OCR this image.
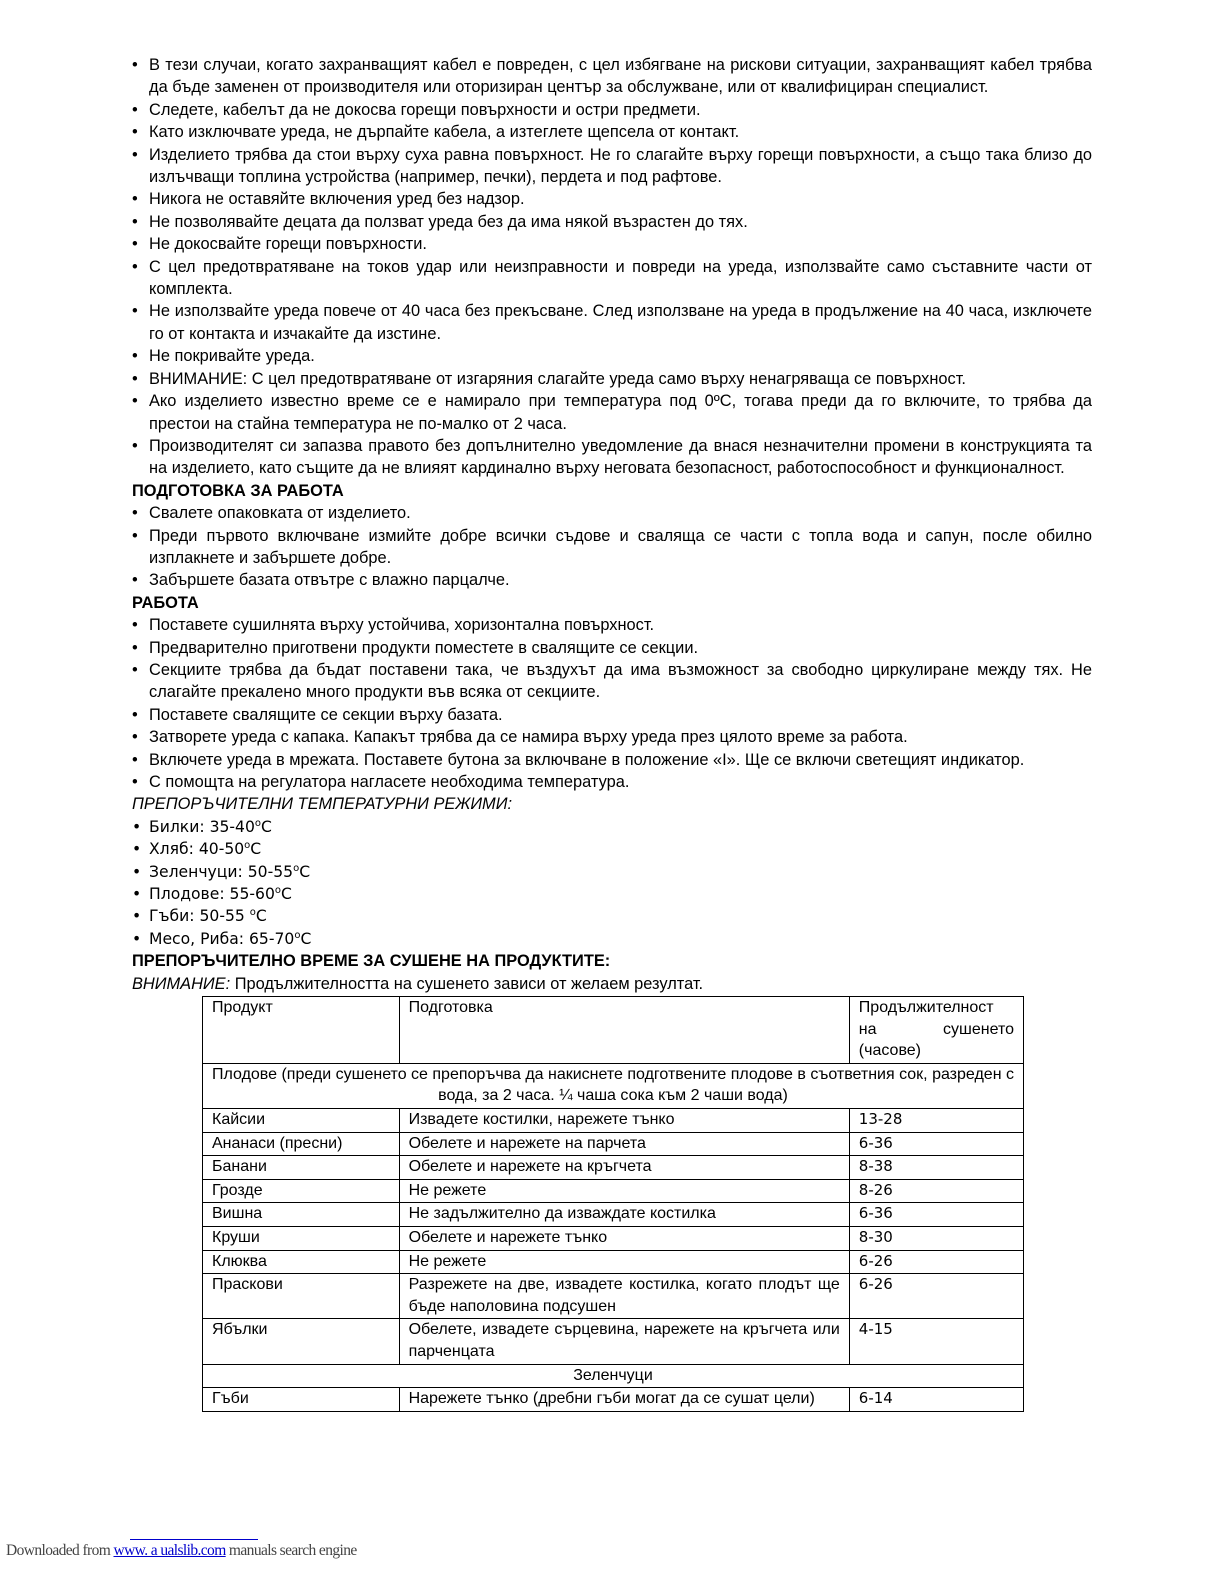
• В тези случаи, когато захранващият кабел е повреден, с цел избягване на рискови ситуации, захранващият кабел трябва да бъде заменен от производителя или оторизиран център за обслужване, или от квалифициран специалист.
• Следете, кабелът да не докосва горещи повърхности и остри предмети.
• Като изключвате уреда, не дърпайте кабела, а изтеглете щепсела от контакт.
• Изделието трябва да стои върху суха равна повърхност. Не го слагайте върху горещи повърхности, а също така близо до излъчващи топлина устройства (например, печки), пердета и под рафтове.
• Никога не оставяйте включения уред без надзор.
• Не позволявайте децата да ползват уреда без да има някой възрастен до тях.
• Не докосвайте горещи повърхности.
• С цел предотвратяване на токов удар или неизправности и повреди на уреда, използвайте само съставните части от комплекта.
• Не използвайте уреда повече от 40 часа без прекъсване. След използване на уреда в продължение на 40 часа, изключете го от контакта и изчакайте да изстине.
• Не покривайте уреда.
• ВНИМАНИЕ: С цел предотвратяване от изгаряния слагайте уреда само върху ненагряваща се повърхност.
• Ако изделието известно време се е намирало при температура под 0ºС, тогава преди да го включите, то трябва да престои на стайна температура не по-малко от 2 часа.
• Производителят си запазва правото без допълнително уведомление да внася незначителни промени в конструкцията та на изделието, като същите да не влияят кардинално върху неговата безопасност, работоспособност и функционалност.

ПОДГОТОВКА ЗА РАБОТА

• Свалете опаковката от изделието.
• Преди първото включване измийте добре всички съдове и сваляща се части с топла вода и сапун, после обилно изплакнете и забършете добре.
• Забършете базата отвътре с влажно парцалче.

РАБОТА

• Поставете сушилнята върху устойчива, хоризонтална повърхност.
• Предварително приготвени продукти поместете в свалящите се секции.
• Секциите трябва да бъдат поставени така, че въздухът да има възможност за свободно циркулиране между тях. Не слагайте прекалено много продукти във всяка от секциите.
• Поставете свалящите се секции върху базата.
• Затворете уреда с капака. Капакът трябва да се намира върху уреда през цялото време за работа.
• Включете уреда в мрежата. Поставете бутона за включване в положение «I». Ще се включи светещият индикатор.
• С помощта на регулатора нагласете необходима температура.

ПРЕПОРЪЧИТЕЛНИ ТЕМПЕРАТУРНИ РЕЖИМИ:

• Билки: 35-40$^o$C
• Хляб: 40-50$^o$C
• Зеленчуци: 50-55$^o$C
• Плодове: 55-60$^o$C
• Гъби: 50-55 $^o$C
• Месо, Риба: 65-70$^o$C

ПРЕПОРЪЧИТЕЛНО ВРЕМЕ ЗА СУШЕНЕ НА ПРОДУКТИТЕ:

ВНИМАНИЕ: Продължителността на сушенето зависи от желаем резултат.

Продукт	Подготовка	Продължителност на сушенето (часове)
Плодове (преди сушенето се препоръчва да накиснете подготвените плодове в съответния сок, разреден с вода, за 2 часа. ¼ чаша сока към 2 чаши вода)		
Кайсии	Извадете костилки, нарежете тънко	13-28
Ананаси (пресни)	Обелете и нарежете на парчета	6-36
Банани	Обелете и нарежете на кръгчета	8-38
Грозде	Не режете	8-26
Вишна	Не задължително да изваждате костилка	6-36
Круши	Обелете и нарежете тънко	8-30
Клюква	Не режете	6-26
Праскови	Разрежете на две, извадете костилка, когато плодът ще бъде наполовина подсушен	6-26
Ябълки	Обелете, извадете сърцевина, нарежете на кръгчета или парченцата	4-15
Зеленчуци		
Гъби	Нарежете тънко (дребни гъби могат да се сушат цели)	6-14
Downloaded from www. a ualslib.com manuals search engine
